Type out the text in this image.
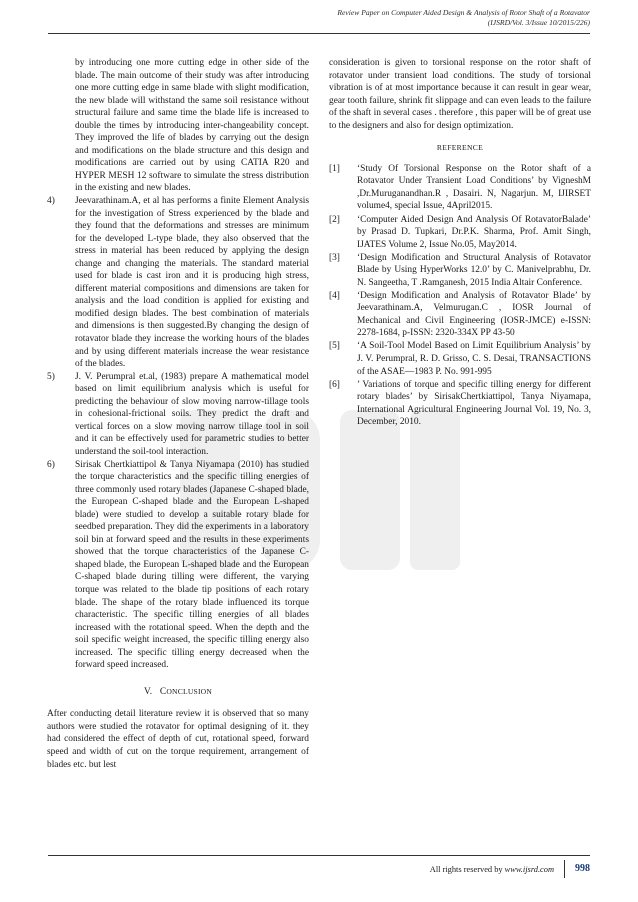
Review Paper on Computer Aided Design & Analysis of Rotor Shaft of a Rotavator
(IJSRD/Vol. 3/Issue 10/2015/226)

by introducing one more cutting edge in other side of the blade. The main outcome of their study was after introducing one more cutting edge in same blade with slight modification, the new blade will withstand the same soil resistance without structural failure and same time the blade life is increased to double the times by introducing inter-changeability concept. They improved the life of blades by carrying out the design and modifications on the blade structure and this design and modifications are carried out by using CATIA R20 and HYPER MESH 12 software to simulate the stress distribution in the existing and new blades.

4)	Jeevarathinam.A, et al has performs a finite Element Analysis for the investigation of Stress experienced by the blade and they found that the deformations and stresses are minimum for the developed L-type blade, they also observed that the stress in material has been reduced by applying the design change and changing the materials. The standard material used for blade is cast iron and it is producing high stress, different material compositions and dimensions are taken for analysis and the load condition is applied for existing and modified design blades. The best combination of materials and dimensions is then suggested.By changing the design of rotavator blade they increase the working hours of the blades and by using different materials increase the wear resistance of the blades.
5)	J. V. Perumpral et.al, (1983) prepare A mathematical model based on limit equilibrium analysis which is useful for predicting the behaviour of slow moving narrow-tillage tools in cohesional-frictional soils. They predict the draft and vertical forces on a slow moving narrow tillage tool in soil and it can be effectively used for parametric studies to better understand the soil-tool interaction.
6)	Sirisak Chertkiattipol & Tanya Niyamapa (2010) has studied the torque characteristics and the specific tilling energies of three commonly used rotary blades (Japanese C-shaped blade, the European C-shaped blade and the European L-shaped blade) were studied to develop a suitable rotary blade for seedbed preparation. They did the experiments in a laboratory soil bin at forward speed and the results in these experiments showed that the torque characteristics of the Japanese C-shaped blade, the European L-shaped blade and the European C-shaped blade during tilling were different, the varying torque was related to the blade tip positions of each rotary blade. The shape of the rotary blade influenced its torque characteristic. The specific tilling energies of all blades increased with the rotational speed. When the depth and the soil specific weight increased, the specific tilling energy also increased. The specific tilling energy decreased when the forward speed increased.
V. CONCLUSION

After conducting detail literature review it is observed that so many authors were studied the rotavator for optimal designing of it. they had considered the effect of depth of cut, rotational speed, forward speed and width of cut on the torque requirement, arrangement of blades etc. but lest

consideration is given to torsional response on the rotor shaft of rotavator under transient load conditions. The study of torsional vibration is of at most importance because it can result in gear wear, gear tooth failure, shrink fit slippage and can even leads to the failure of the shaft in several cases . therefore , this paper will be of great use to the designers and also for design optimization.

REFERENCE
[1] ‘Study Of Torsional Response on the Rotor shaft of a Rotavator Under Transient Load Conditions’ by VigneshM ,Dr.Muruganandhan.R , Dasairi. N, Nagarjun. M, IJIRSET volume4, special Issue, 4April2015.
[2] ‘Computer Aided Design And Analysis Of RotavatorBalade’ by Prasad D. Tupkari, Dr.P.K. Sharma, Prof. Amit Singh, IJATES Volume 2, Issue No.05, May2014.
[3] ‘Design Modification and Structural Analysis of Rotavator Blade by Using HyperWorks 12.0’ by C. Manivelprabhu, Dr. N. Sangeetha, T .Ramganesh, 2015 India Altair Conference.
[4] ‘Design Modification and Analysis of Rotavator Blade’ by Jeevarathinam.A, Velmurugan.C , IOSR Journal of Mechanical and Civil Engineering (IOSR-JMCE) e-ISSN: 2278-1684, p-ISSN: 2320-334X PP 43-50
[5] ‘A Soil-Tool Model Based on Limit Equilibrium Analysis’ by J. V. Perumpral, R. D. Grisso, C. S. Desai, TRANSACTIONS of the ASAE—1983 P. No. 991-995
[6] ’ Variations of torque and specific tilling energy for different rotary blades’ by SirisakChertkiattipol, Tanya Niyamapa, International Agricultural Engineering Journal Vol. 19, No. 3, December, 2010.
All rights reserved by www.ijsrd.com	998
